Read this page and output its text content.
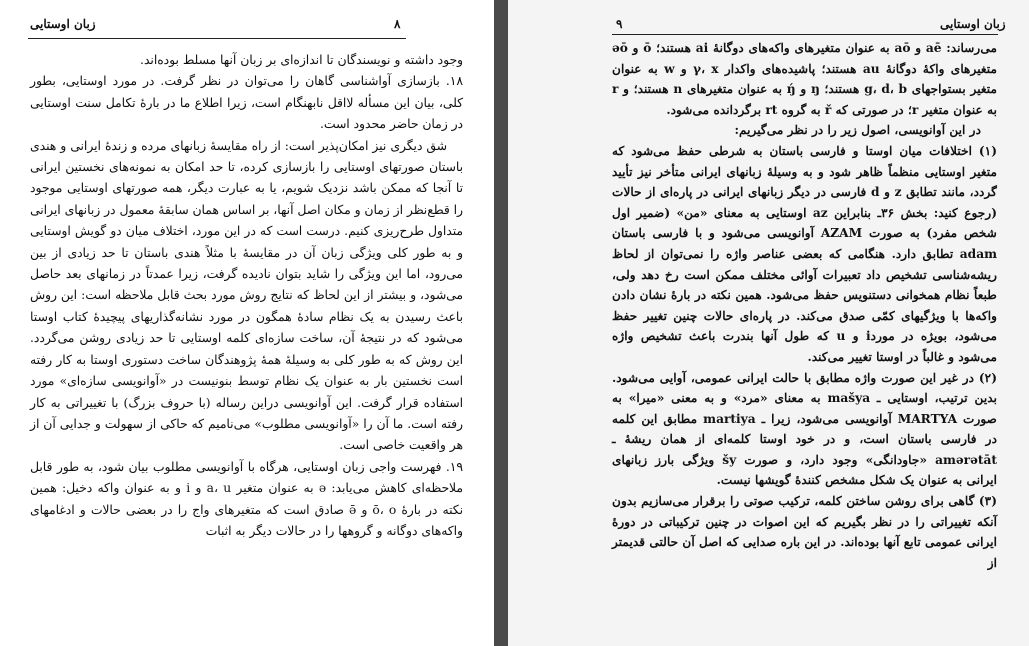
زبان اوستایی	۸

وجود داشته و نویسندگان تا اندازه‌ای بر زبان آنها مسلط بوده‌اند.

۱۸. بازسازی آواشناسی گاهان را می‌توان در نظر گرفت. در مورد اوستایی، بطور کلی، بیان این مسأله لااقل نابهنگام است، زیرا اطلاع ما در بارهٔ تکامل سنت اوستایی در زمان حاضر محدود است.

شق دیگری نیز امکان‌پذیر است: از راه مقایسهٔ زبانهای مرده و زندهٔ ایرانی و هندی باستان صورتهای اوستایی را بازسازی کرده، تا حد امکان به نمونه‌های نخستین ایرانی تا آنجا که ممکن باشد نزدیک شویم، یا به عبارت دیگر، همه صورتهای اوستایی موجود را قطع‌نظر از زمان و مکان اصل آنها، بر اساس همان سابقهٔ معمول در زبانهای ایرانی متداول طرح‌ریزی کنیم. درست است که در این مورد، اختلاف میان دو گویش اوستایی و به طور کلی ویژگی زبان آن در مقایسهٔ با مثلاً هندی باستان تا حد زیادی از بین می‌رود، اما این ویژگی را شاید بتوان نادیده گرفت، زیرا عمدتاً در زمانهای بعد حاصل می‌شود، و بیشتر از این لحاظ که نتایج روش مورد بحث قابل ملاحظه است: این روش باعث رسیدن به یک نظام سادهٔ همگون در مورد نشانه‌گذاریهای پیچیدهٔ کتاب اوستا می‌شود که در نتیجهٔ آن، ساخت سازه‌ای کلمه اوستایی تا حد زیادی روشن می‌گردد. این روش که به طور کلی به وسیلهٔ همهٔ پژوهندگان ساخت دستوری اوستا به کار رفته است نخستین بار به عنوان یک نظام توسط بنونیست در «آوانویسی سازه‌ای» مورد استفاده قرار گرفت. این آوانویسی دراین رساله (با حروف بزرگ) با تغییراتی به کار رفته است. ما آن را «آوانویسی مطلوب» می‌نامیم که حاکی از سهولت و جدایی آن از هر واقعیت خاصی است.

۱۹. فهرست واجی زبان اوستایی، هرگاه با آوانویسی مطلوب بیان شود، به طور قابل ملاحظه‌ای کاهش می‌یابد: ə به عنوان متغیر a، u و i و به عنوان واکه دخیل: همین نکته در بارهٔ ō، o و ə̄ صادق است که متغیرهای واج را در بعضی حالات و ادغامهای واکه‌های دوگانه و گروهها را در حالات دیگر به اثبات

۹	زبان اوستایی

می‌رساند: aē و aō به عنوان متغیرهای واکه‌های دوگانهٔ ai هستند؛ ō و əō متغیرهای واکهٔ دوگانهٔ au هستند؛ پاشیده‌های واکدار γ، x و w به عنوان متغیر بستواجهای g، d، b هستند؛ ŋ و ŋ́ به عنوان متغیرهای n هستند؛ و r به عنوان متغیر r؛ در صورتی که ř به گروه rt برگردانده می‌شود.

در این آوانویسی، اصول زیر را در نظر می‌گیریم:

(۱) اختلافات میان اوستا و فارسی باستان به شرطی حفظ می‌شود که متغیر اوستایی منظماً ظاهر شود و به وسیلهٔ زبانهای ایرانی متأخر نیز تأیید گردد، مانند تطابق z و d فارسی در دیگر زبانهای ایرانی در پاره‌ای از حالات (رجوع کنید: بخش ۳۶ـ بنابراین az اوستایی به معنای «من» (ضمیر اول شخص مفرد) به صورت AZAM آوانویسی می‌شود و با فارسی باستان adam تطابق دارد. هنگامی که بعضی عناصر واژه را نمی‌توان از لحاظ ریشه‌شناسی تشخیص داد تعبیرات آوائی مختلف ممکن است رخ دهد ولی، طبعاً نظام همخوانی دستنویس حفظ می‌شود. همین نکته در بارهٔ نشان دادن واکه‌ها با ویژگیهای کمّی صدق می‌کند. در پاره‌ای حالات چنین تغییر حفظ می‌شود، بویژه در موردi و u که طول آنها بندرت باعث تشخیص واژه می‌شود و غالباً در اوستا تغییر می‌کند.

(۲) در غیر این صورت واژه مطابق با حالت ایرانی عمومی، آوایی می‌شود. بدین ترتیب، اوستایی ـ mašya به معنای «مرد» و به معنی «میرا» به صورت MARTYA آوانویسی می‌شود، زیرا ـ martiya مطابق این کلمه در فارسی باستان است، و در خود اوستا کلمه‌ای از همان ریشهٔ ـ amərətāt «جاودانگی» وجود دارد، و صورت šy ویژگی بارز زبانهای ایرانی به عنوان یک شکل مشخص کنندهٔ گویشها نیست.

(۳) گاهی برای روشن ساختن کلمه، ترکیب صوتی را برقرار می‌سازیم بدون آنکه تغییراتی را در نظر بگیریم که این اصوات در چنین ترکیباتی در دورهٔ ایرانی عمومی تابع آنها بوده‌اند. در این باره صدایی که اصل آن حالتی قدیمتر از
